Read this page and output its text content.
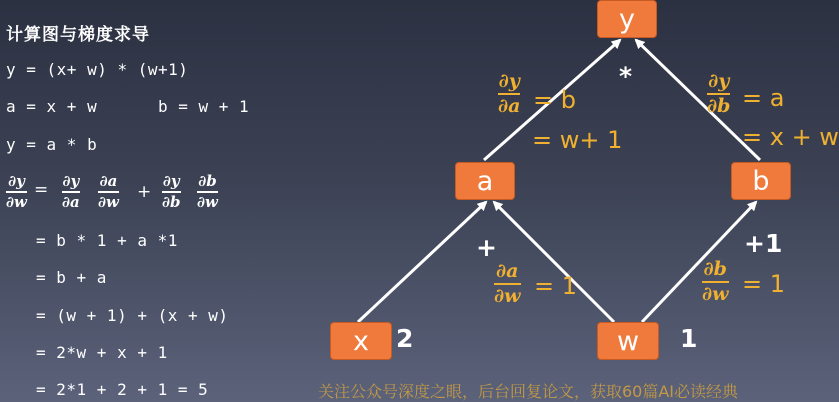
计算图与梯度求导
y = (x+ w) * (w+1)
a = x + w      b = w + 1
y = a * b
∂y
∂w
= ∂y
∂a
∂a
∂w +
∂y
∂b
∂b
∂w
= b * 1 + a *1
= b + a
= (w + 1) + (x + w)
= 2*w + x + 1
= 2*1 + 2 + 1 = 5
y
a	b
x	w
*
+	+1
2	1
∂y
∂a = b
= w+ 1
∂y
∂b = a
= x + w
∂a
∂w = 1
∂b
∂w = 1
关注公众号深度之眼，后台回复论文，获取60篇AI必读经典
